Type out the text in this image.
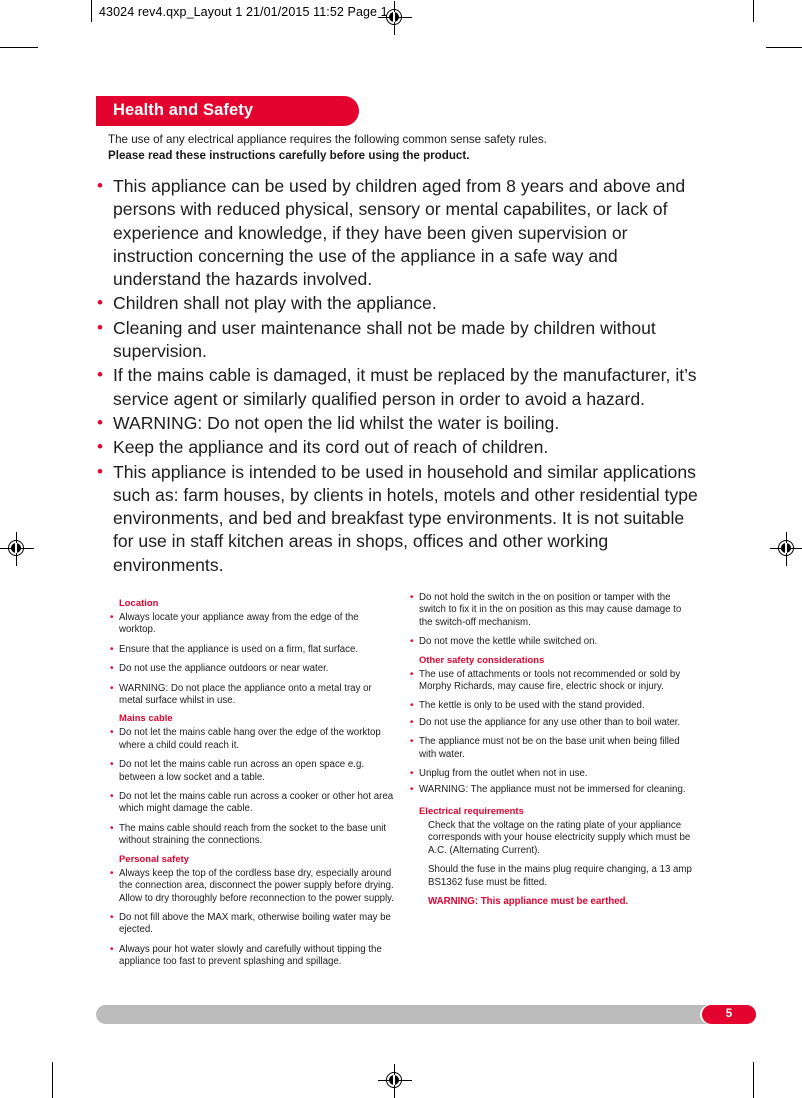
43024 rev4.qxp_Layout 1 21/01/2015 11:52 Page 1
Health and Safety
The use of any electrical appliance requires the following common sense safety rules.
Please read these instructions carefully before using the product.
• This appliance can be used by children aged from 8 years and above and persons with reduced physical, sensory or mental capabilites, or lack of experience and knowledge, if they have been given supervision or instruction concerning the use of the appliance in a safe way and understand the hazards involved.
• Children shall not play with the appliance.
• Cleaning and user maintenance shall not be made by children without supervision.
• If the mains cable is damaged, it must be replaced by the manufacturer, it’s service agent or similarly qualified person in order to avoid a hazard.
• WARNING: Do not open the lid whilst the water is boiling.
• Keep the appliance and its cord out of reach of children.
• This appliance is intended to be used in household and similar applications such as: farm houses, by clients in hotels, motels and other residential type environments, and bed and breakfast type environments. It is not suitable for use in staff kitchen areas in shops, offices and other working environments.
Location
• Always locate your appliance away from the edge of the worktop.
• Ensure that the appliance is used on a firm, flat surface.
• Do not use the appliance outdoors or near water.
• WARNING: Do not place the appliance onto a metal tray or metal surface whilst in use.
Mains cable
• Do not let the mains cable hang over the edge of the worktop where a child could reach it.
• Do not let the mains cable run across an open space e.g. between a low socket and a table.
• Do not let the mains cable run across a cooker or other hot area which might damage the cable.
• The mains cable should reach from the socket to the base unit without straining the connections.
Personal safety
• Always keep the top of the cordless base dry, especially around the connection area, disconnect the power supply before drying. Allow to dry thoroughly before reconnection to the power supply.
• Do not fill above the MAX mark, otherwise boiling water may be ejected.
• Always pour hot water slowly and carefully without tipping the appliance too fast to prevent splashing and spillage.
• Do not hold the switch in the on position or tamper with the switch to fix it in the on position as this may cause damage to the switch-off mechanism.
• Do not move the kettle while switched on.
Other safety considerations
• The use of attachments or tools not recommended or sold by Morphy Richards, may cause fire, electric shock or injury.
• The kettle is only to be used with the stand provided.
• Do not use the appliance for any use other than to boil water.
• The appliance must not be on the base unit when being filled with water.
• Unplug from the outlet when not in use.
• WARNING: The appliance must not be immersed for cleaning.
Electrical requirements
Check that the voltage on the rating plate of your appliance corresponds with your house electricity supply which must be A.C. (Alternating Current).
Should the fuse in the mains plug require changing, a 13 amp BS1362 fuse must be fitted.
WARNING: This appliance must be earthed.
5
